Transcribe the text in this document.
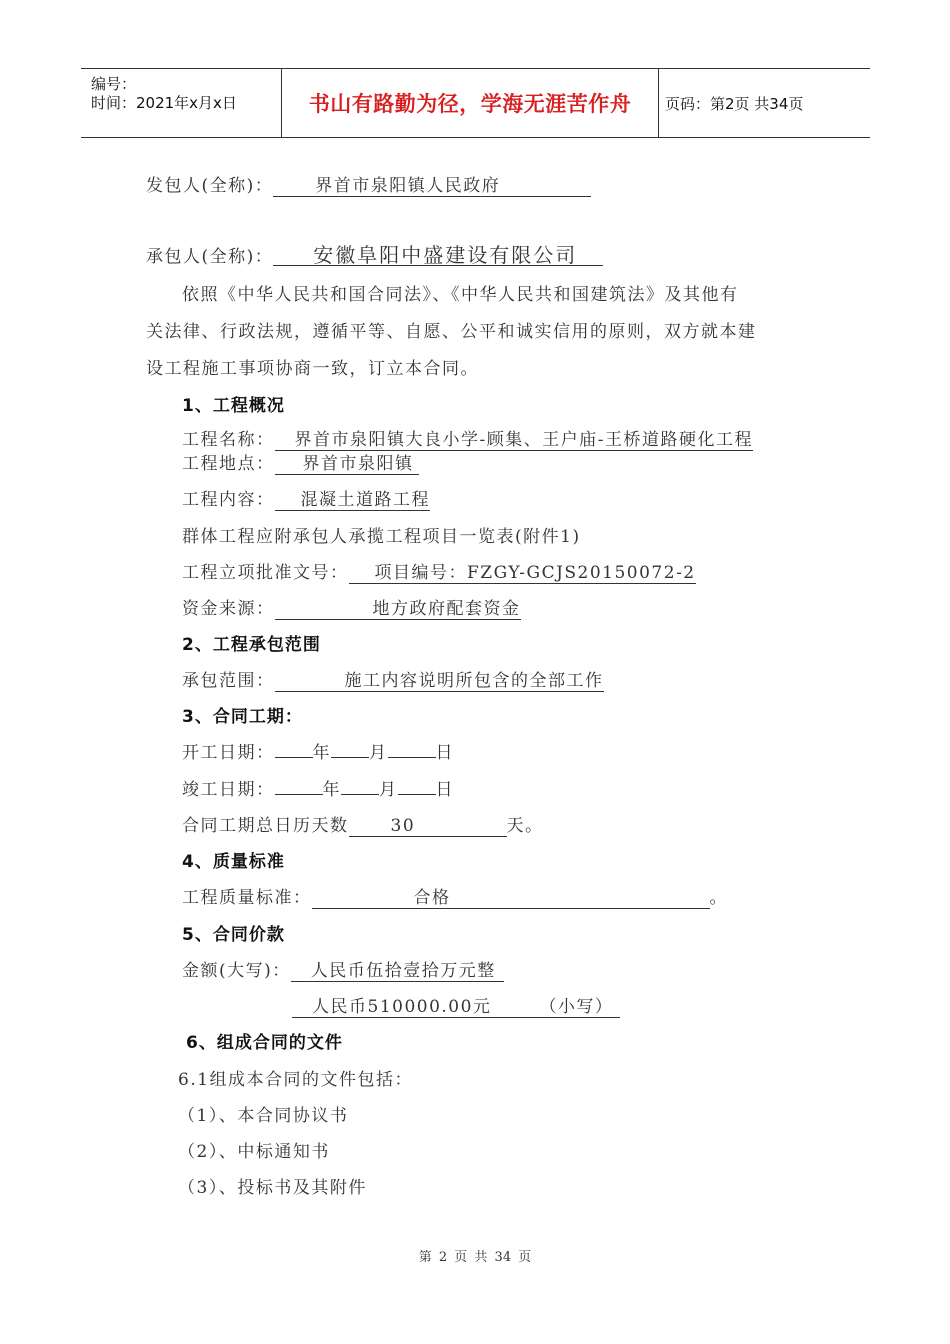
编号：
时间：2021年x月x日	书山有路勤为径，学海无涯苦作舟 页码：第2页 共34页
发包人(全称)： 界首市泉阳镇人民政府
承包人(全称)： 安徽阜阳中盛建设有限公司
依照《中华人民共和国合同法》、《中华人民共和国建筑法》及其他有
关法律、行政法规，遵循平等、自愿、公平和诚实信用的原则，双方就本建
设工程施工事项协商一致，订立本合同。
1、工程概况
工程名称： 界首市泉阳镇大良小学-顾集、王户庙-王桥道路硬化工程
工程地点： 界首市泉阳镇
工程内容： 混凝土道路工程
群体工程应附承包人承揽工程项目一览表(附件1)
工程立项批准文号： 项目编号：FZGY-GCJS20150072-2
资金来源：	地方政府配套资金
2、工程承包范围
承包范围：	施工内容说明所包含的全部工作
3、合同工期：
开工日期： 年 月	日
竣工日期：	年 月 日
合同工期总日历天数 30	天。
4、质量标准
工程质量标准：	合格	。
5、合同价款
金额(大写)： 人民币伍拾壹拾万元整
人民币510000.00元	（小写）
6、组成合同的文件
6.1组成本合同的文件包括：
（1）、本合同协议书
（2）、中标通知书
（3）、投标书及其附件
第 2 页 共 34 页
